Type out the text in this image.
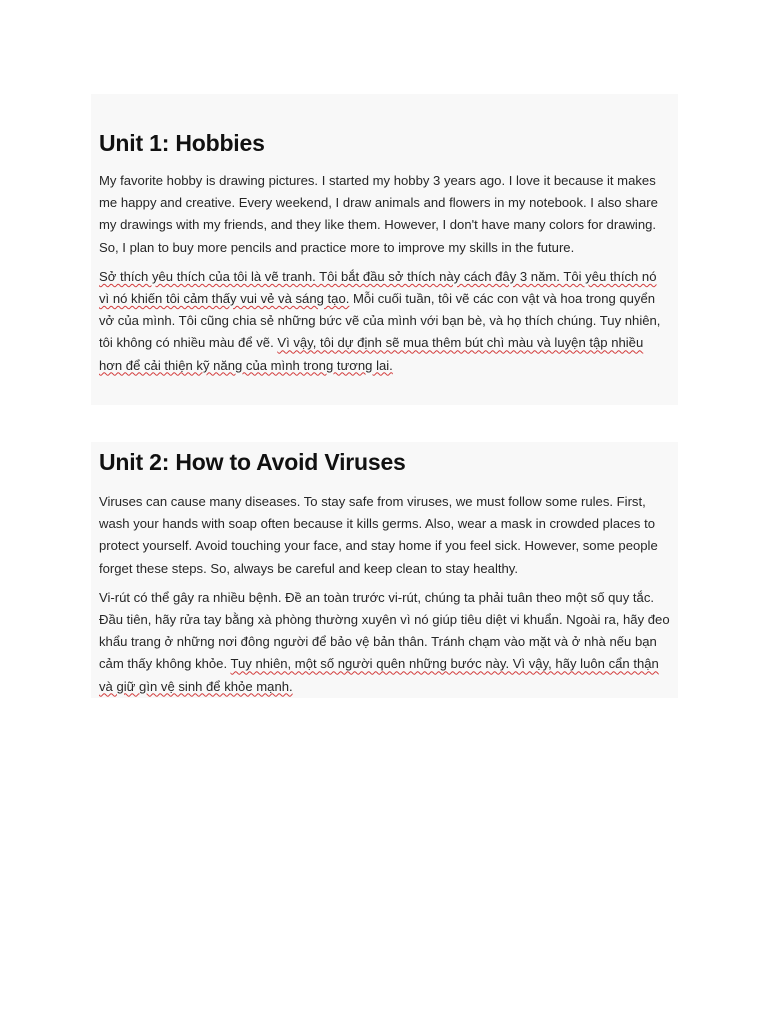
Unit 1: Hobbies

My favorite hobby is drawing pictures. I started my hobby 3 years ago. I love it because it makes me happy and creative. Every weekend, I draw animals and flowers in my notebook. I also share my drawings with my friends, and they like them. However, I don't have many colors for drawing. So, I plan to buy more pencils and practice more to improve my skills in the future.

Sở thích yêu thích của tôi là vẽ tranh. Tôi bắt đầu sở thích này cách đây 3 năm. Tôi yêu thích nó vì nó khiến tôi cảm thấy vui vẻ và sáng tạo. Mỗi cuối tuần, tôi vẽ các con vật và hoa trong quyển vở của mình. Tôi cũng chia sẻ những bức vẽ của mình với bạn bè, và họ thích chúng. Tuy nhiên, tôi không có nhiều màu để vẽ. Vì vậy, tôi dự định sẽ mua thêm bút chì màu và luyện tập nhiều hơn để cải thiện kỹ năng của mình trong tương lai.

Unit 2: How to Avoid Viruses

Viruses can cause many diseases. To stay safe from viruses, we must follow some rules. First, wash your hands with soap often because it kills germs. Also, wear a mask in crowded places to protect yourself. Avoid touching your face, and stay home if you feel sick. However, some people forget these steps. So, always be careful and keep clean to stay healthy.

Vi-rút có thể gây ra nhiều bệnh. Đề an toàn trước vi-rút, chúng ta phải tuân theo một số quy tắc. Đầu tiên, hãy rửa tay bằng xà phòng thường xuyên vì nó giúp tiêu diệt vi khuẩn. Ngoài ra, hãy đeo khẩu trang ở những nơi đông người để bảo vệ bản thân. Tránh chạm vào mặt và ở nhà nếu bạn cảm thấy không khỏe. Tuy nhiên, một số người quên những bước này. Vì vậy, hãy luôn cẩn thận và giữ gìn vệ sinh để khỏe mạnh.
